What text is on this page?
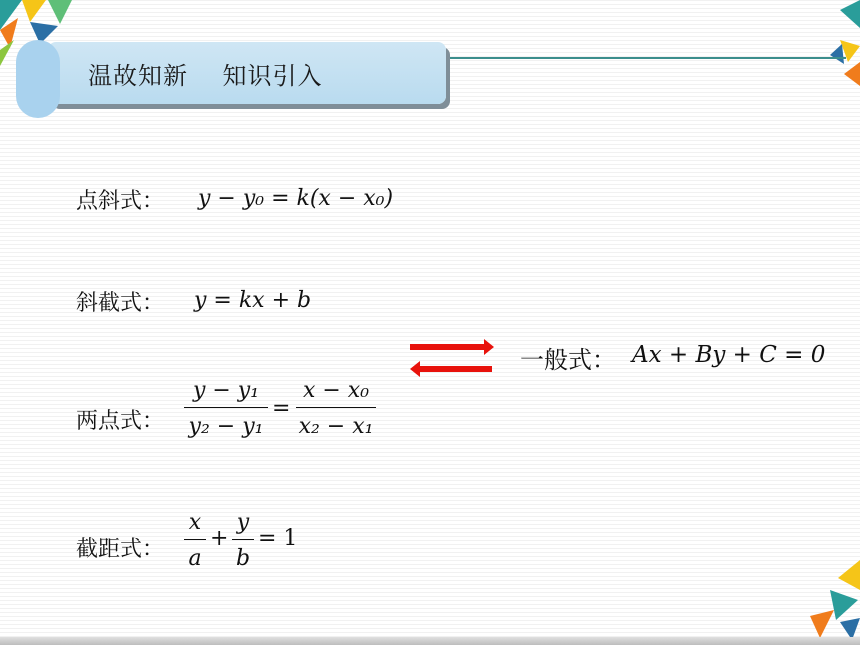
温故知新    知识引入
点斜式： y − y₀ = k(x − x₀)
斜截式： y = kx + b
两点式：
y − y₁
y₂ − y₁
=
x − x₀
x₂ − x₁
截距式：
x
a
+
y
b
= 1
一般式： Ax + By + C = 0
